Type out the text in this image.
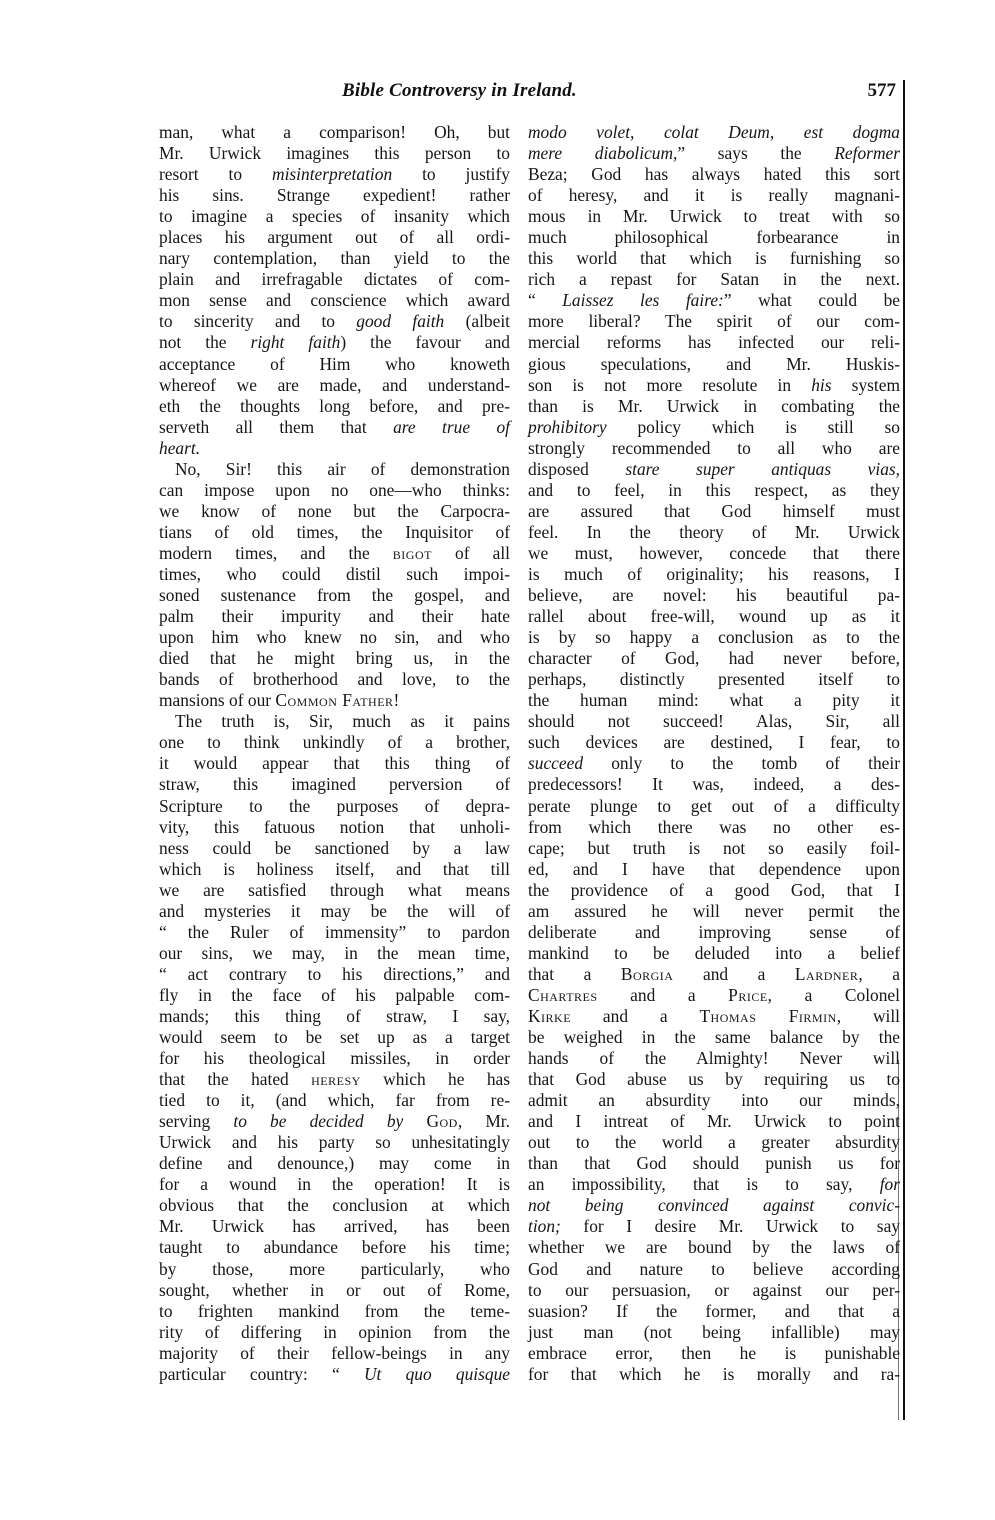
Bible Controversy in Ireland.	577
man, what a comparison! Oh, but
Mr. Urwick imagines this person to
resort to misinterpretation to justify
his sins. Strange expedient! rather
to imagine a species of insanity which
places his argument out of all ordi-
nary contemplation, than yield to the
plain and irrefragable dictates of com-
mon sense and conscience which award
to sincerity and to good faith (albeit
not the right faith) the favour and
acceptance of Him who knoweth
whereof we are made, and understand-
eth the thoughts long before, and pre-
serveth all them that are true of
heart.
No, Sir! this air of demonstration
can impose upon no one—who thinks:
we know of none but the Carpocra-
tians of old times, the Inquisitor of
modern times, and the bigot of all
times, who could distil such impoi-
soned sustenance from the gospel, and
palm their impurity and their hate
upon him who knew no sin, and who
died that he might bring us, in the
bands of brotherhood and love, to the
mansions of our Common Father!
The truth is, Sir, much as it pains
one to think unkindly of a brother,
it would appear that this thing of
straw, this imagined perversion of
Scripture to the purposes of depra-
vity, this fatuous notion that unholi-
ness could be sanctioned by a law
which is holiness itself, and that till
we are satisfied through what means
and mysteries it may be the will of
“ the Ruler of immensity” to pardon
our sins, we may, in the mean time,
“ act contrary to his directions,” and
fly in the face of his palpable com-
mands; this thing of straw, I say,
would seem to be set up as a target
for his theological missiles, in order
that the hated heresy which he has
tied to it, (and which, far from re-
serving to be decided by God, Mr.
Urwick and his party so unhesitatingly
define and denounce,) may come in
for a wound in the operation! It is
obvious that the conclusion at which
Mr. Urwick has arrived, has been
taught to abundance before his time;
by those, more particularly, who
sought, whether in or out of Rome,
to frighten mankind from the teme-
rity of differing in opinion from the
majority of their fellow-beings in any
particular country: “ Ut quo quisque
modo volet, colat Deum, est dogma
mere diabolicum,” says the Reformer
Beza; God has always hated this sort
of heresy, and it is really magnani-
mous in Mr. Urwick to treat with so
much philosophical forbearance in
this world that which is furnishing so
rich a repast for Satan in the next.
“ Laissez les faire:” what could be
more liberal? The spirit of our com-
mercial reforms has infected our reli-
gious speculations, and Mr. Huskis-
son is not more resolute in his system
than is Mr. Urwick in combating the
prohibitory policy which is still so
strongly recommended to all who are
disposed stare super antiquas vias,
and to feel, in this respect, as they
are assured that God himself must
feel. In the theory of Mr. Urwick
we must, however, concede that there
is much of originality; his reasons, I
believe, are novel: his beautiful pa-
rallel about free-will, wound up as it
is by so happy a conclusion as to the
character of God, had never before,
perhaps, distinctly presented itself to
the human mind: what a pity it
should not succeed! Alas, Sir, all
such devices are destined, I fear, to
succeed only to the tomb of their
predecessors! It was, indeed, a des-
perate plunge to get out of a difficulty
from which there was no other es-
cape; but truth is not so easily foil-
ed, and I have that dependence upon
the providence of a good God, that I
am assured he will never permit the
deliberate and improving sense of
mankind to be deluded into a belief
that a Borgia and a Lardner, a
Chartres and a Price, a Colonel
Kirke and a Thomas Firmin, will
be weighed in the same balance by the
hands of the Almighty! Never will
that God abuse us by requiring us to
admit an absurdity into our minds,
and I intreat of Mr. Urwick to point
out to the world a greater absurdity
than that God should punish us for
an impossibility, that is to say, for
not being convinced against convic-
tion; for I desire Mr. Urwick to say
whether we are bound by the laws of
God and nature to believe according
to our persuasion, or against our per-
suasion? If the former, and that a
just man (not being infallible) may
embrace error, then he is punishable
for that which he is morally and ra-
